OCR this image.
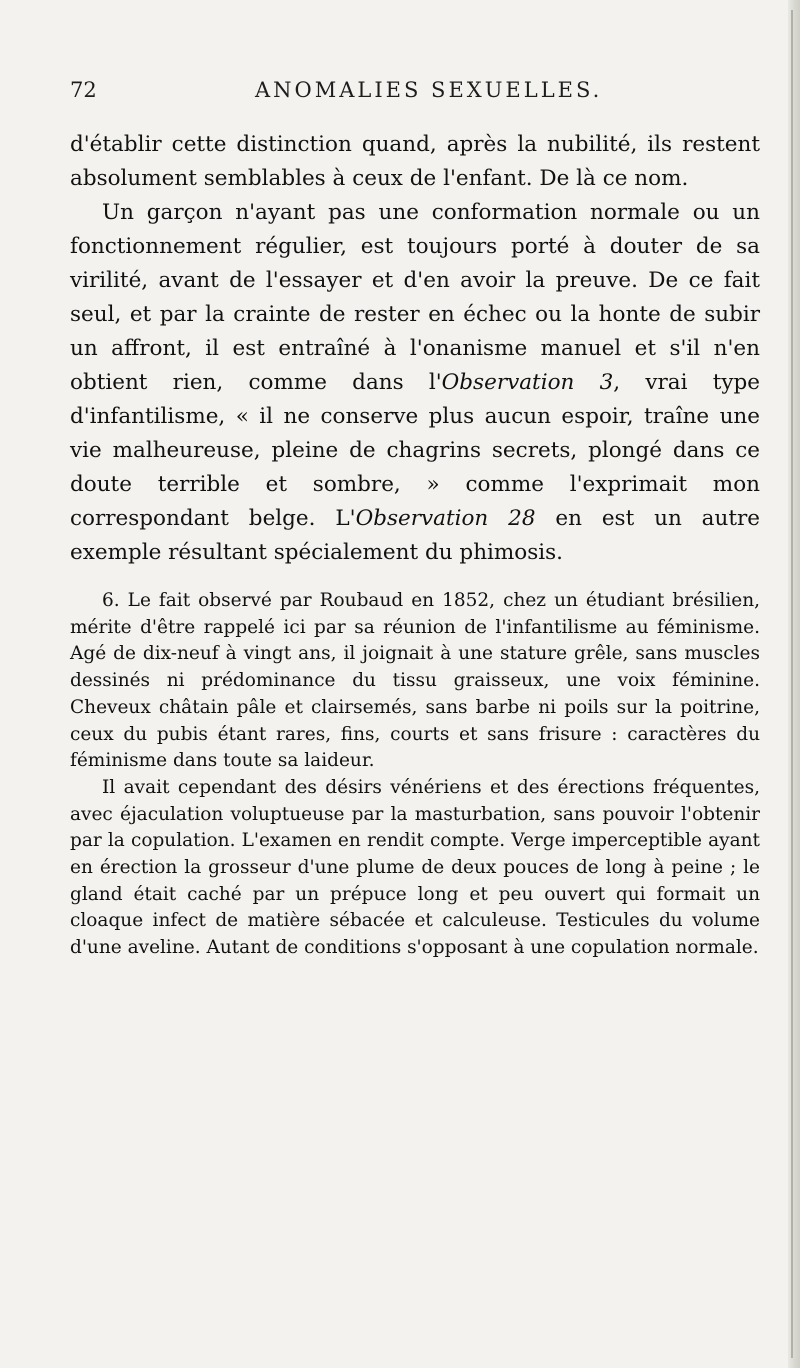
72	ANOMALIES SEXUELLES.

d'établir cette distinction quand, après la nubilité, ils restent absolument semblables à ceux de l'enfant. De là ce nom.

Un garçon n'ayant pas une conformation normale ou un fonctionnement régulier, est toujours porté à douter de sa virilité, avant de l'essayer et d'en avoir la preuve. De ce fait seul, et par la crainte de rester en échec ou la honte de subir un affront, il est entraîné à l'onanisme manuel et s'il n'en obtient rien, comme dans l'Observation 3, vrai type d'infantilisme, « il ne conserve plus aucun espoir, traîne une vie malheureuse, pleine de chagrins secrets, plongé dans ce doute terrible et sombre, » comme l'exprimait mon correspondant belge. L'Observation 28 en est un autre exemple résultant spécialement du phimosis.

6. Le fait observé par Roubaud en 1852, chez un étudiant brésilien, mérite d'être rappelé ici par sa réunion de l'infantilisme au féminisme. Agé de dix-neuf à vingt ans, il joignait à une stature grêle, sans muscles dessinés ni prédominance du tissu graisseux, une voix féminine. Cheveux châtain pâle et clairsemés, sans barbe ni poils sur la poitrine, ceux du pubis étant rares, fins, courts et sans frisure : caractères du féminisme dans toute sa laideur.

Il avait cependant des désirs vénériens et des érections fréquentes, avec éjaculation voluptueuse par la masturbation, sans pouvoir l'obtenir par la copulation. L'examen en rendit compte. Verge imperceptible ayant en érection la grosseur d'une plume de deux pouces de long à peine ; le gland était caché par un prépuce long et peu ouvert qui formait un cloaque infect de matière sébacée et calculeuse. Testicules du volume d'une aveline. Autant de conditions s'opposant à une copulation normale.
